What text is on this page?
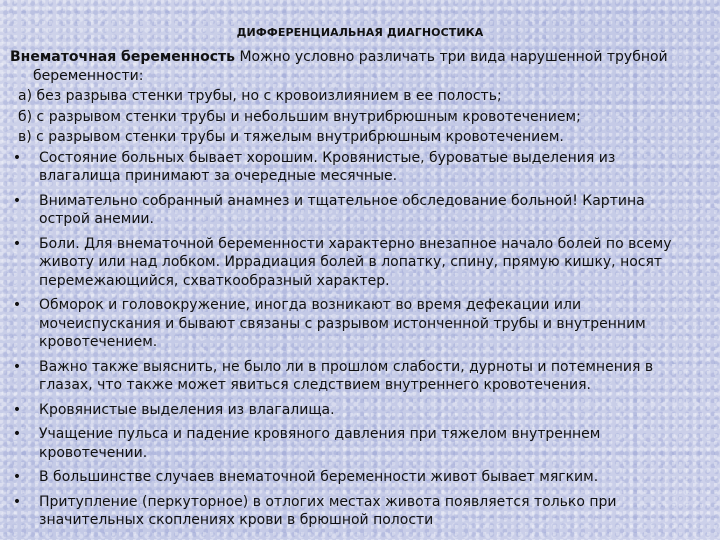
ДИФФЕРЕНЦИАЛЬНАЯ ДИАГНОСТИКА

Внематочная беременность Можно условно различать три вида нарушенной трубной
беременности:

а) без разрыва стенки трубы, но с кровоизлиянием в ее полость;

б) с разрывом стенки трубы и небольшим внутрибрюшным кровотечением;

в) с разрывом стенки трубы и тяжелым внутрибрюшным кровотечением.

• Состояние больных бывает хорошим. Кровянистые, буроватые выделения из влагалища принимают за очередные месячные.
• Внимательно собранный анамнез и тщательное обследование больной! Картина острой анемии.
• Боли. Для внематочной беременности характерно внезапное начало болей по всему животу или над лобком. Иррадиация болей в лопатку, спину, прямую кишку, носят перемежающийся, схваткообразный характер.
• Обморок и головокружение, иногда возникают во время дефекации или мочеиспускания и бывают связаны с разрывом истонченной трубы и внутренним кровотечением.
• Важно также выяснить, не было ли в прошлом слабости, дурноты и потемнения в глазах, что также может явиться следствием внутреннего кровотечения.
• Кровянистые выделения из влагалища.
• Учащение пульса и падение кровяного давления при тяжелом внутреннем кровотечении.
• В большинстве случаев внематочной беременности живот бывает мягким.
• Притупление (перкуторное) в отлогих местах живота появляется только при значительных скоплениях крови в брюшной полости
